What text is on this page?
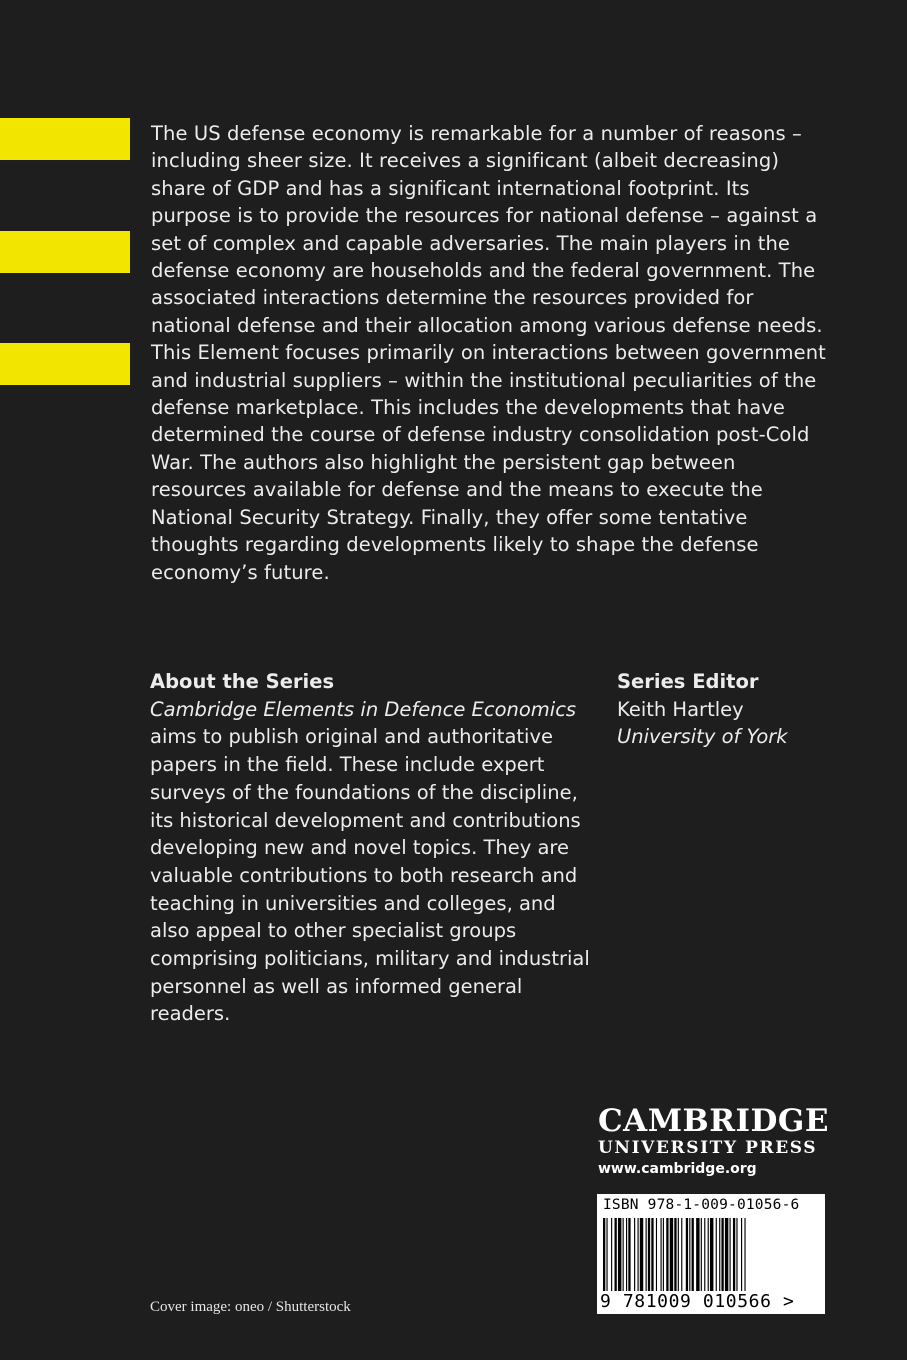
The US defense economy is remarkable for a number of reasons – including sheer size. It receives a significant (albeit decreasing) share of GDP and has a significant international footprint. Its purpose is to provide the resources for national defense – against a set of complex and capable adversaries. The main players in the defense economy are households and the federal government. The associated interactions determine the resources provided for national defense and their allocation among various defense needs. This Element focuses primarily on interactions between government and industrial suppliers – within the institutional peculiarities of the defense marketplace. This includes the developments that have determined the course of defense industry consolidation post-Cold War. The authors also highlight the persistent gap between resources available for defense and the means to execute the National Security Strategy. Finally, they offer some tentative thoughts regarding developments likely to shape the defense economy’s future.

About the Series

Cambridge Elements in Defence Economics aims to publish original and authoritative papers in the field. These include expert surveys of the foundations of the discipline, its historical development and contributions developing new and novel topics. They are valuable contributions to both research and teaching in universities and colleges, and also appeal to other specialist groups comprising politicians, military and industrial personnel as well as informed general readers.

Series Editor
Keith Hartley
University of York
CAMBRIDGE
UNIVERSITY PRESS
www.cambridge.org
ISBN 978-1-009-01056-6
9 781009 010566 >
Cover image: oneo / Shutterstock
